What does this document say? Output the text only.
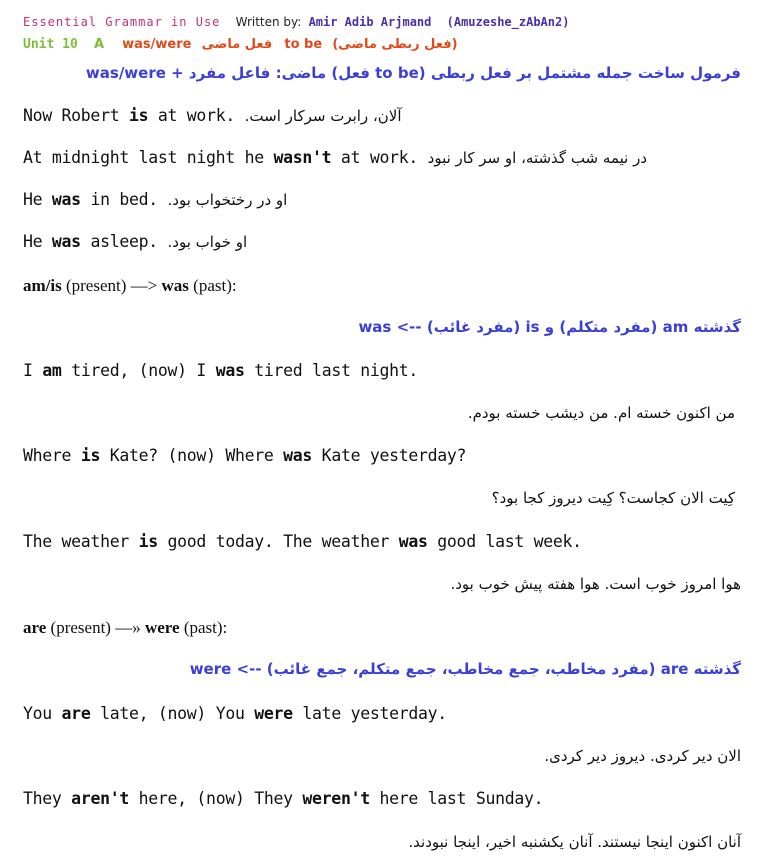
Essential Grammar in Use Written by: Amir Adib Arjmand (Amuzeshe_zAbAn2)
Unit 10 A was/were فعل ماضی to be (فعل ربطی ماضی)
فرمول ساخت جمله مشتمل بر فعل ربطی (to be فعل) ماضی: فاعل مفرد + was/were
Now Robert is at work. آلان، رابرت سرکار است.
At midnight last night he wasn't at work. در نیمه شب گذشته، او سر کار نبود
He was in bed. او در رختخواب بود.
He was asleep. او خواب بود.
am/is (present) —> was (past):
گذشته am (مفرد متکلم) و is (مفرد غائب) --> was
I am tired, (now) I was tired last night.
من اکنون خسته ام. من دیشب خسته بودم.
Where is Kate? (now) Where was Kate yesterday?
کِیت الان کجاست؟ کِیت دیروز کجا بود؟
The weather is good today. The weather was good last week.
هوا امروز خوب است. هوا هفته پیش خوب بود.
are (present) —» were (past):
گذشته are (مفرد مخاطب، جمع مخاطب، جمع متکلم، جمع غائب) --> were
You are late, (now) You were late yesterday.
الان دیر کردی. دیروز دیر کردی.
They aren't here, (now) They weren't here last Sunday.
آنان اکنون اینجا نیستند. آنان یکشنبه اخیر، اینجا نبودند.
